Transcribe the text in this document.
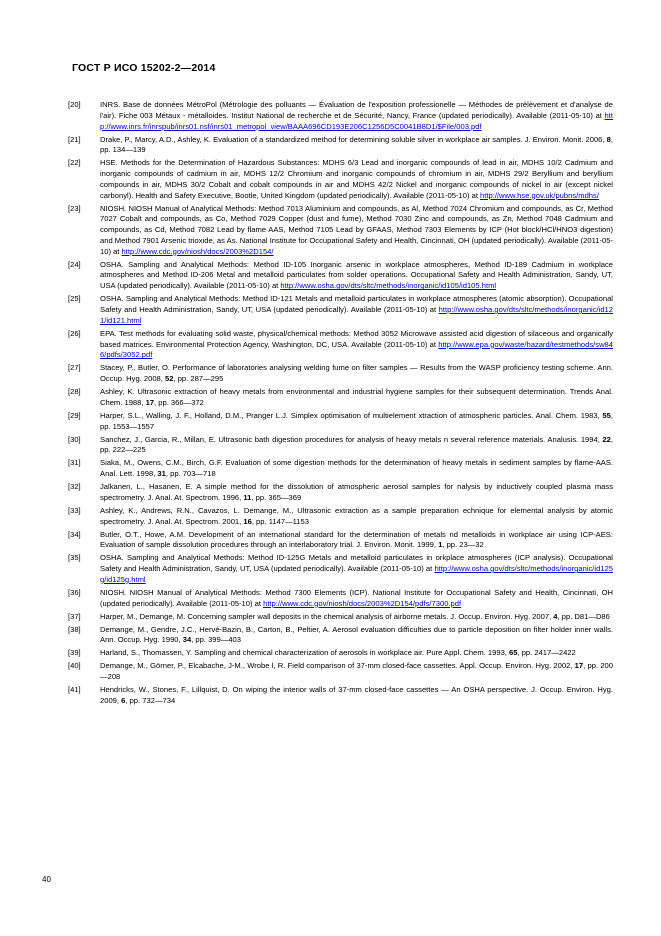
ГОСТ Р ИСО 15202-2—2014
[20]	INRS. Base de données MétroPol (Métrologie des polluants — Évaluation de l'exposition professionelle — Méthodes de prélèvement et d'analyse de l'air). Fiche 003 Métaux - métalloides. Institut National de recherche et de Sécurité, Nancy, France (updated periodically). Available (2011-05-10) at http://www.inrs.fr/inrspub/inrs01.nsf/inrs01_metropol_view/BAAA696CD193E206C1256D5C0041B8D1/$File/003.pdf
[21]	Drake, P., Marcy, A.D., Ashley, K. Evaluation of a standardized method for determining soluble silver in workplace air samples. J. Environ. Monit. 2006, 8, pp. 134—139
[22]	HSE. Methods for the Determination of Hazardous Substances: MDHS 6/3 Lead and inorganic compounds of lead in air, MDHS 10/2 Cadmium and inorganic compounds of cadmium in air, MDHS 12/2 Chromium and inorganic compounds of chromium in air, MDHS 29/2 Beryllium and beryllium compounds in air, MDHS 30/2 Cobalt and cobalt compounds in air and MDHS 42/2 Nickel and inorganic compounds of nickel in air (except nickel carbonyl). Health and Safety Executive, Bootle, United Kingdom (updated periodically). Available (2011-05-10) at http://www.hse.gov.uk/pubns/mdhs/
[23]	NIOSH. NIOSH Manual of Analytical Methods: Method 7013 Aluminium and compounds, as Al, Method 7024 Chromium and compounds, as Cr, Method 7027 Cobalt and compounds, as Co, Method 7029 Copper (dust and fume), Method 7030 Zinc and compounds, as Zn, Method 7048 Cadmium and compounds, as Cd, Method 7082 Lead by flame AAS, Method 7105 Lead by GFAAS, Method 7303 Elements by ICP (Hot block/HCl/HNO3 digestion) and Method 7901 Arsenic trioxide, as As. National Institute for Occupational Safety and Health, Cincinnati, OH (updated periodically). Available (2011-05-10) at http://www.cdc.gov/niosh/docs/2003%2D154/
[24]	OSHA. Sampling and Analytical Methods: Method ID-105 Inorganic arsenic in workplace atmospheres, Method ID-189 Cadmium in workplace atmospheres and Method ID-206 Metal and metalloid particulates from solder operations. Occupational Safety and Health Administration, Sandy, UT, USA (updated periodically). Available (2011-05-10) at http://www.osha.gov/dts/sltc/methods/inorganic/id105/id105.html
[25]	OSHA. Sampling and Analytical Methods: Method ID-121 Metals and metalloid particulates in workplace atmospheres (atomic absorption). Occupational Safety and Health Administration, Sandy, UT, USA (updated periodically). Available (2011-05-10) at http://www.osha.gov/dts/sltc/methods/inorganic/id121/id121.html
[26]	EPA. Test methods for evaluating solid waste, physical/chemical methods: Method 3052 Microwave assisted acid digestion of silaceous and organically based matrices. Environmental Protection Agency, Washington, DC, USA. Available (2011-05-10) at http://www.epa.gov/waste/hazard/testmethods/sw846/pdfs/3052.pdf
[27]	Stacey, P., Butler, O. Performance of laboratories analysing welding fume on filter samples — Results from the WASP proficiency testing scheme. Ann. Occup. Hyg. 2008, 52, pp. 287—295
[28]	Ashley, K. Ultrasonic extraction of heavy metals from environmental and industrial hygiene samples for their subsequent determination. Trends Anal. Chem. 1988, 17, pp. 366—372
[29]	Harper, S.L., Walling, J. F., Holland, D.M., Pranger L.J. Simplex optimisation of multielement xtraction of atmospheric particles. Anal. Chem. 1983, 55, pp. 1553—1557
[30]	Sanchez, J., Garcia, R., Millan, E. Ultrasonic bath digestion procedures for analysis of heavy metals n several reference materials. Analusis. 1994, 22, pp. 222—225
[31]	Siaka, M., Owens, C.M., Birch, G.F. Evaluation of some digestion methods for the determination of heavy metals in sediment samples by flame-AAS. Anal. Lett. 1998, 31, pp. 703—718
[32]	Jalkanen, L., Hasanen, E. A simple method for the dissolution of atmospheric aerosol samples for nalysis by inductively coupled plasma mass spectrometry. J. Anal. At. Spectrom. 1996, 11, pp. 365—369
[33]	Ashley, K., Andrews, R.N., Cavazos, L. Demange, M., Ultrasonic extraction as a sample preparation echnique for elemental analysis by atomic spectrometry. J. Anal. At. Spectrom. 2001, 16, pp. 1147—1153
[34]	Butler, O.T., Howe, A.M. Development of an international standard for the determination of metals nd metalloids in workplace air using ICP-AES: Evaluation of sample dissolution procedures through an interlaboratory trial. J. Environ. Monit. 1999, 1, pp. 23—32
[35]	OSHA. Sampling and Analytical Methods: Method ID-125G Metals and metalloid particulates in orkplace atmospheres (ICP analysis). Occupational Safety and Health Administration, Sandy, UT, USA (updated periodically). Available (2011-05-10) at http://www.osha.gov/dts/sltc/methods/inorganic/id125g/id125g.html
[36]	NIOSH. NIOSH Manual of Analytical Methods: Method 7300 Elements (ICP). National Institute for Occupational Safety and Health, Cincinnati, OH (updated periodically). Available (2011-05-10) at http://www.cdc.gov/niosh/docs/2003%2D154/pdfs/7300.pdf
[37]	Harper, M., Demange, M. Concerning sampler wall deposits in the chemical analysis of airborne metals. J. Occup. Environ. Hyg. 2007, 4, pp. D81—D86
[38]	Demange, M., Gendre, J.C., Hervé-Bazin, B., Carton, B., Peltier, A. Aerosol evaluation difficulties due to particle deposition on filter holder inner walls. Ann. Occup. Hyg. 1990, 34, pp. 399—403
[39]	Harland, S., Thomassen, Y. Sampling and chemical characterization of aerosols in workplace air. Pure Appl. Chem. 1993, 65, pp. 2417—2422
[40]	Demange, M., Görner, P., Elcabache, J-M., Wrobe l, R. Field comparison of 37-mm closed-face cassettes. Appl. Occup. Environ. Hyg. 2002, 17, pp. 200—208
[41]	Hendricks, W., Stones, F., Lillquist, D. On wiping the interior walls of 37-mm closed-face cassettes — An OSHA perspective. J. Occup. Environ. Hyg. 2009, 6, pp. 732—734
40
